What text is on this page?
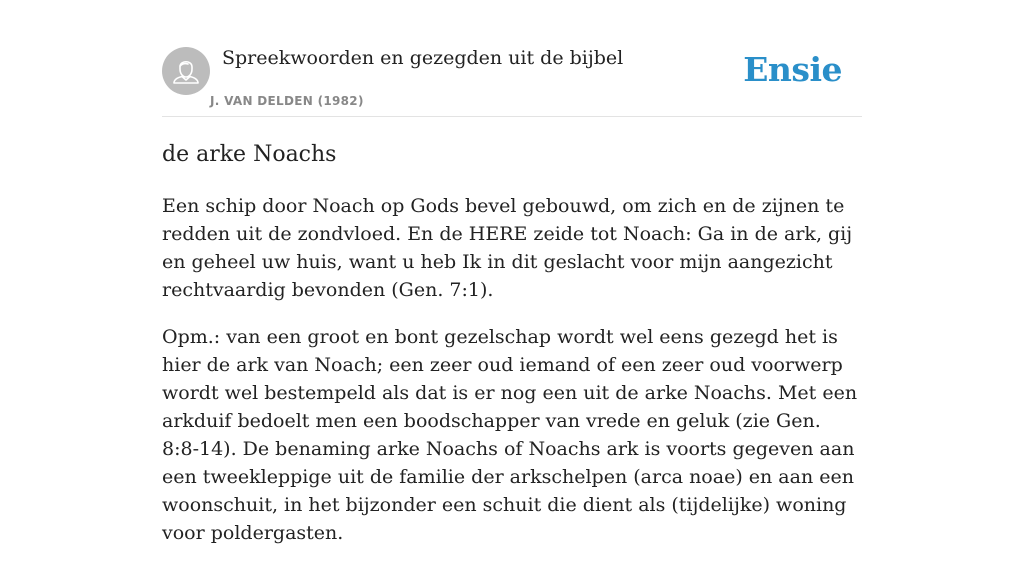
Spreekwoorden en gezegden uit de bijbel
J. VAN DELDEN (1982)
Ensie
de arke Noachs

Een schip door Noach op Gods bevel gebouwd, om zich en de zijnen te redden uit de zondvloed. En de HERE zeide tot Noach: Ga in de ark, gij en geheel uw huis, want u heb Ik in dit geslacht voor mijn aangezicht rechtvaardig bevonden (Gen. 7:1).

Opm.: van een groot en bont gezelschap wordt wel eens gezegd het is hier de ark van Noach; een zeer oud iemand of een zeer oud voorwerp wordt wel bestempeld als dat is er nog een uit de arke Noachs. Met een arkduif bedoelt men een boodschapper van vrede en geluk (zie Gen. 8:8-14). De benaming arke Noachs of Noachs ark is voorts gegeven aan een tweekleppige uit de familie der arkschelpen (arca noae) en aan een woonschuit, in het bijzonder een schuit die dient als (tijdelijke) woning voor poldergasten.
